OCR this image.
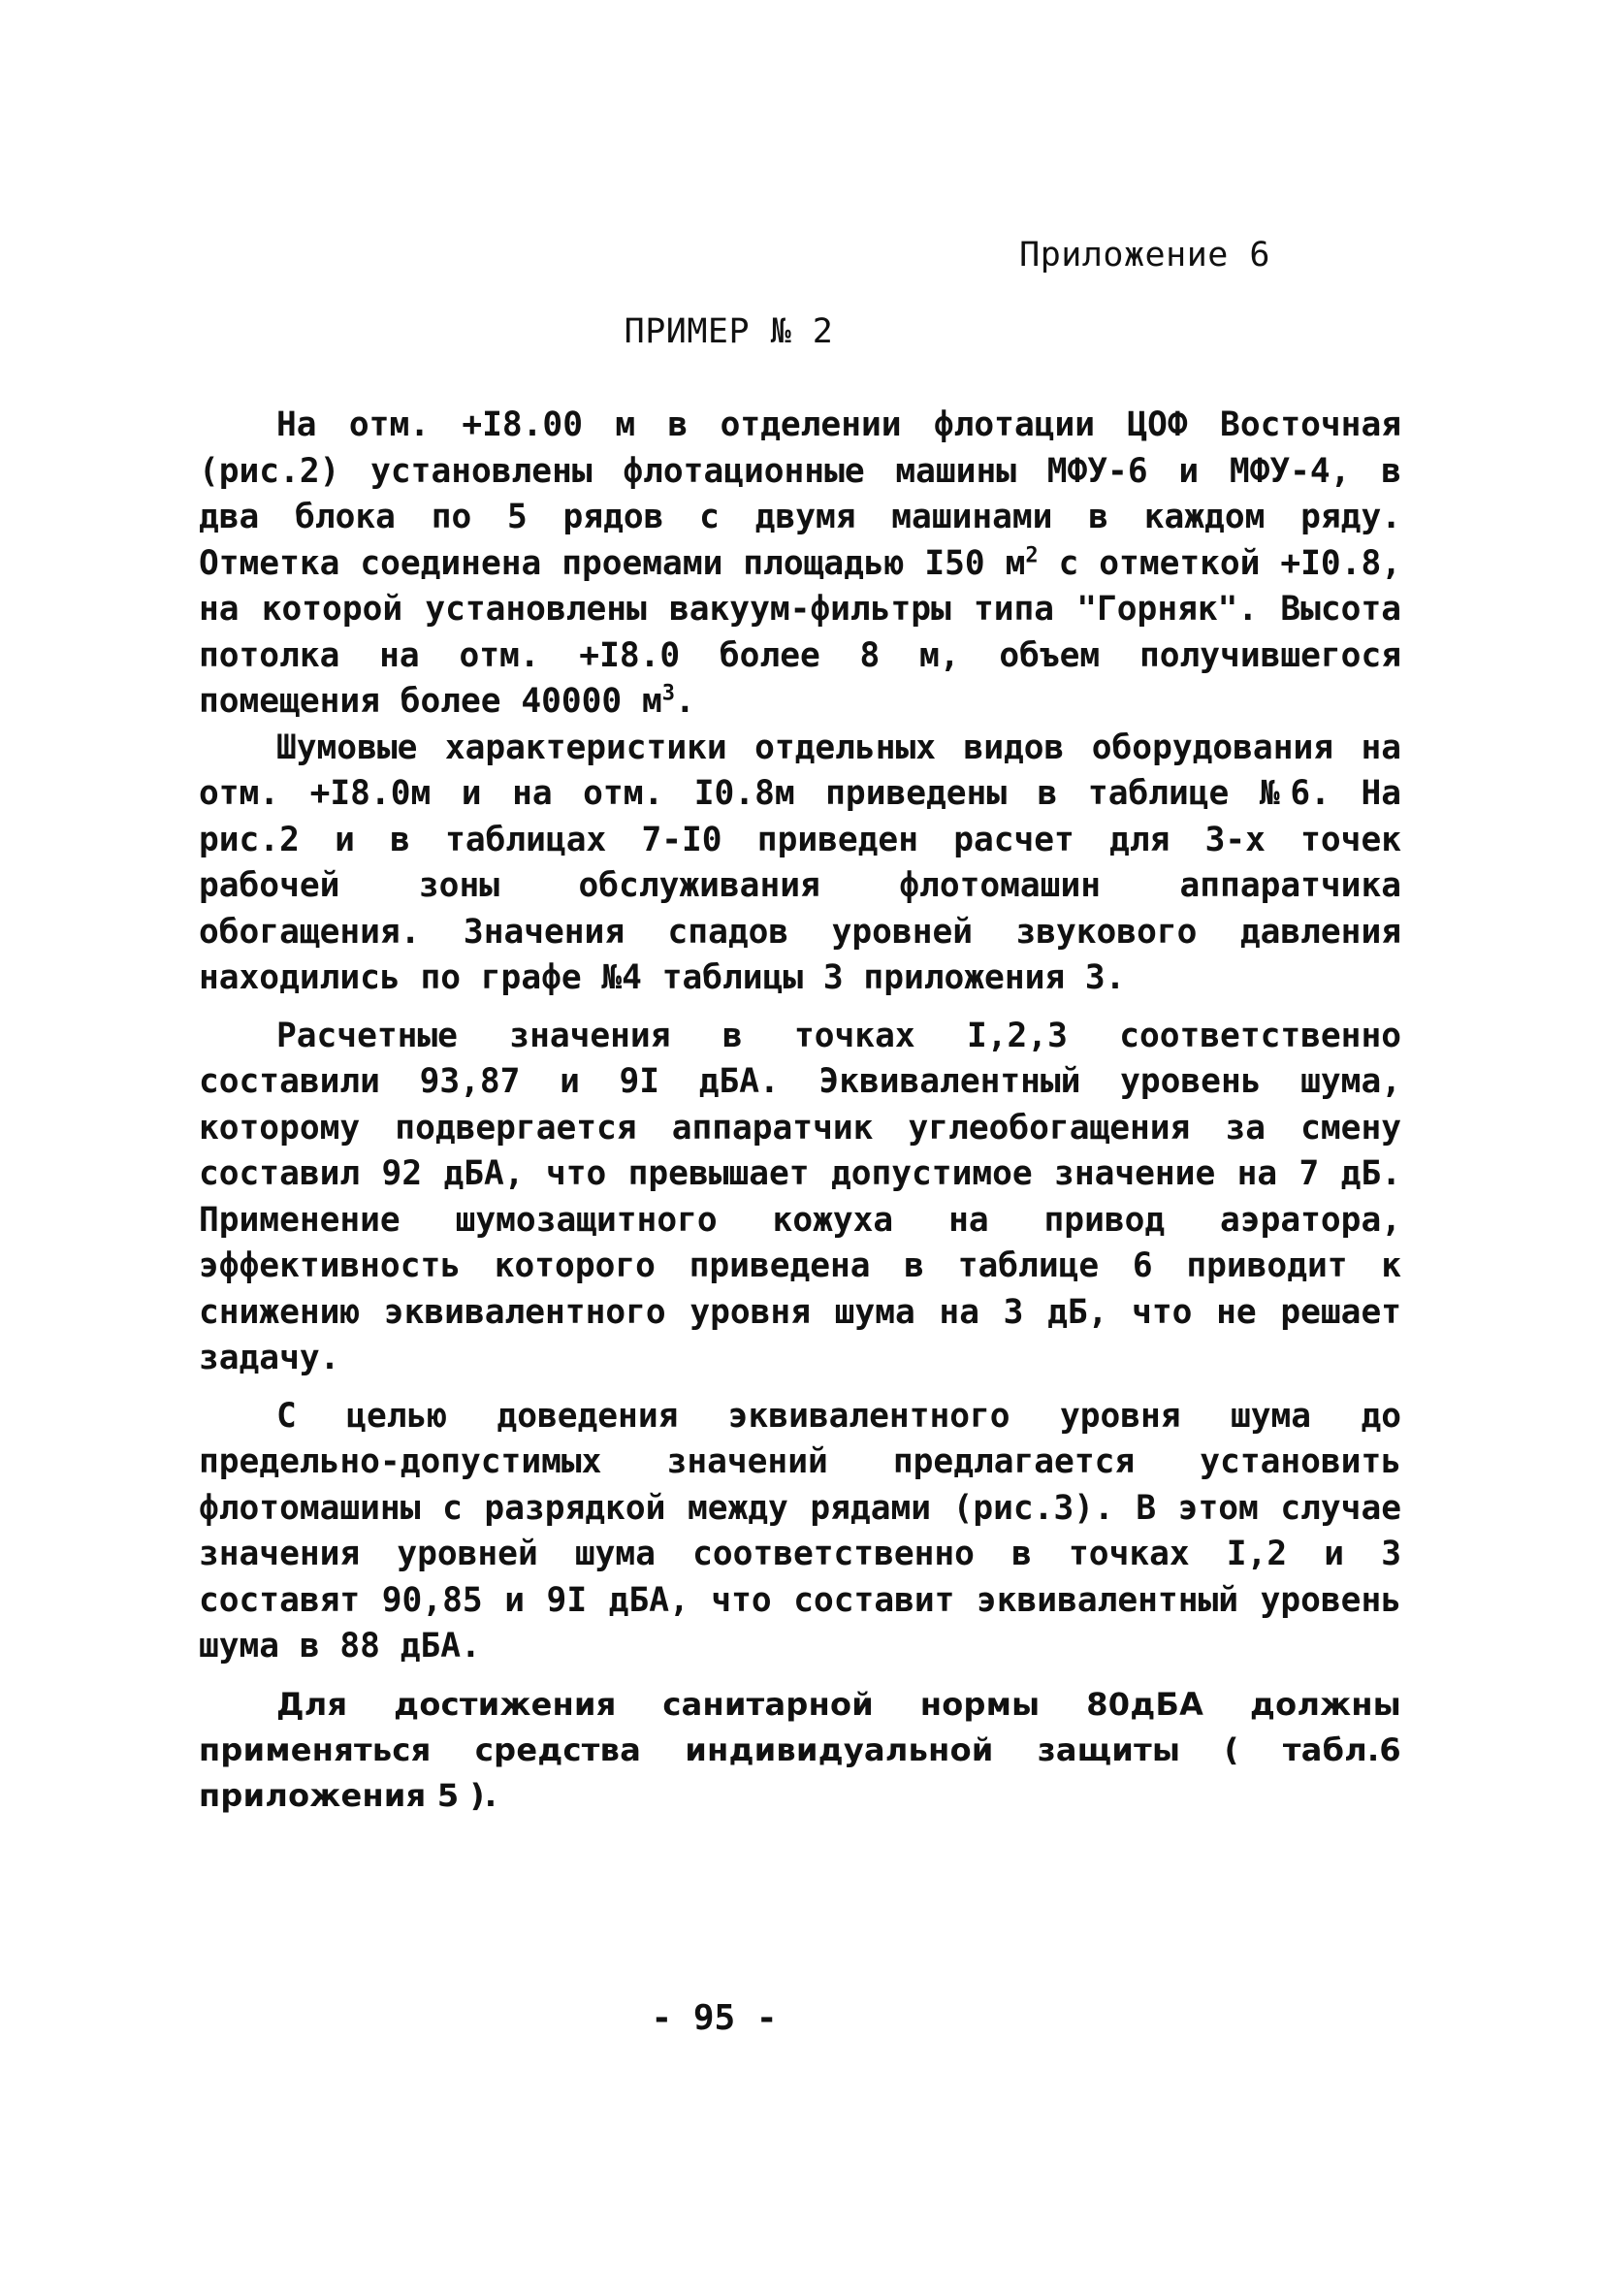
Приложение 6
ПРИМЕР № 2

На отм. +I8.00 м в отделении флотации ЦОФ Восточная (рис.2) установлены флотационные машины МФУ-6 и МФУ-4, в два блока по 5 рядов с двумя машинами в каждом ряду. Отметка соединена проемами площадью I50 $м^2$ с отметкой +I0.8, на которой установлены вакуум-фильтры типа "Горняк". Высота потолка на отм. +I8.0 более 8 м, объем получившегося помещения более 40000 $м^3$.

Шумовые характеристики отдельных видов оборудования на отм. +I8.0м и на отм. I0.8м приведены в таблице №6. На рис.2 и в таблицах 7-I0 приведен расчет для 3-х точек рабочей зоны обслуживания флотомашин аппаратчика обогащения. Значения спадов уровней звукового давления находились по графе №4 таблицы 3 приложения 3.

Расчетные значения в точках I,2,3 соответственно составили 93,87 и 9I дБА. Эквивалентный уровень шума, которому подвергается аппаратчик углеобогащения за смену составил 92 дБА, что превышает допустимое значение на 7 дБ. Применение шумозащитного кожуха на привод аэратора, эффективность которого приведена в таблице 6 приводит к снижению эквивалентного уровня шума на 3 дБ, что не решает задачу.

С целью доведения эквивалентного уровня шума до предельно-допустимых значений предлагается установить флотомашины с разрядкой между рядами (рис.3). В этом случае значения уровней шума соответственно в точках I,2 и 3 составят 90,85 и 9I дБА, что составит эквивалентный уровень шума в 88 дБА.

Для достижения санитарной нормы 80дБА должны применяться средства индивидуальной защиты ( табл.6 приложения 5 ).

- 95 -
